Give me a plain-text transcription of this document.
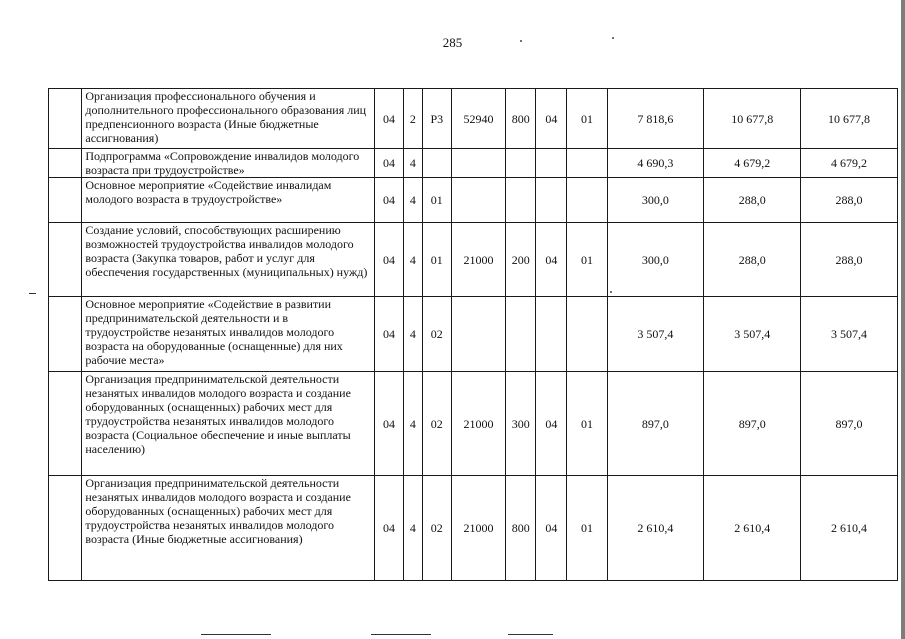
285
	Организация профессионального обучения и дополнительного профессионального образования лиц предпенсионного возраста (Иные бюджетные ассигнования)	04	2	Р3	52940	800	04	01	7 818,6	10 677,8	10 677,8
	Подпрограмма «Сопровождение инвалидов молодого возраста при трудоустройстве»	04	4						4 690,3	4 679,2	4 679,2
	Основное мероприятие «Содействие инвалидам молодого возраста в трудоустройстве»	04	4	01					300,0	288,0	288,0
	Создание условий, способствующих расширению возможностей трудоустройства инвалидов молодого возраста (Закупка товаров, работ и услуг для обеспечения государственных (муниципальных) нужд)	04	4	01	21000	200	04	01	300,0	288,0	288,0
	Основное мероприятие «Содействие в развитии предпринимательской деятельности и в трудоустройстве незанятых инвалидов молодого возраста на оборудованные (оснащенные) для них рабочие места»	04	4	02					3 507,4	3 507,4	3 507,4
	Организация предпринимательской деятельности незанятых инвалидов молодого возраста и создание оборудованных (оснащенных) рабочих мест для трудоустройства незанятых инвалидов молодого возраста (Социальное обеспечение и иные выплаты населению)	04	4	02	21000	300	04	01	897,0	897,0	897,0
	Организация предпринимательской деятельности незанятых инвалидов молодого возраста и создание оборудованных (оснащенных) рабочих мест для трудоустройства незанятых инвалидов молодого возраста (Иные бюджетные ассигнования)	04	4	02	21000	800	04	01	2 610,4	2 610,4	2 610,4
